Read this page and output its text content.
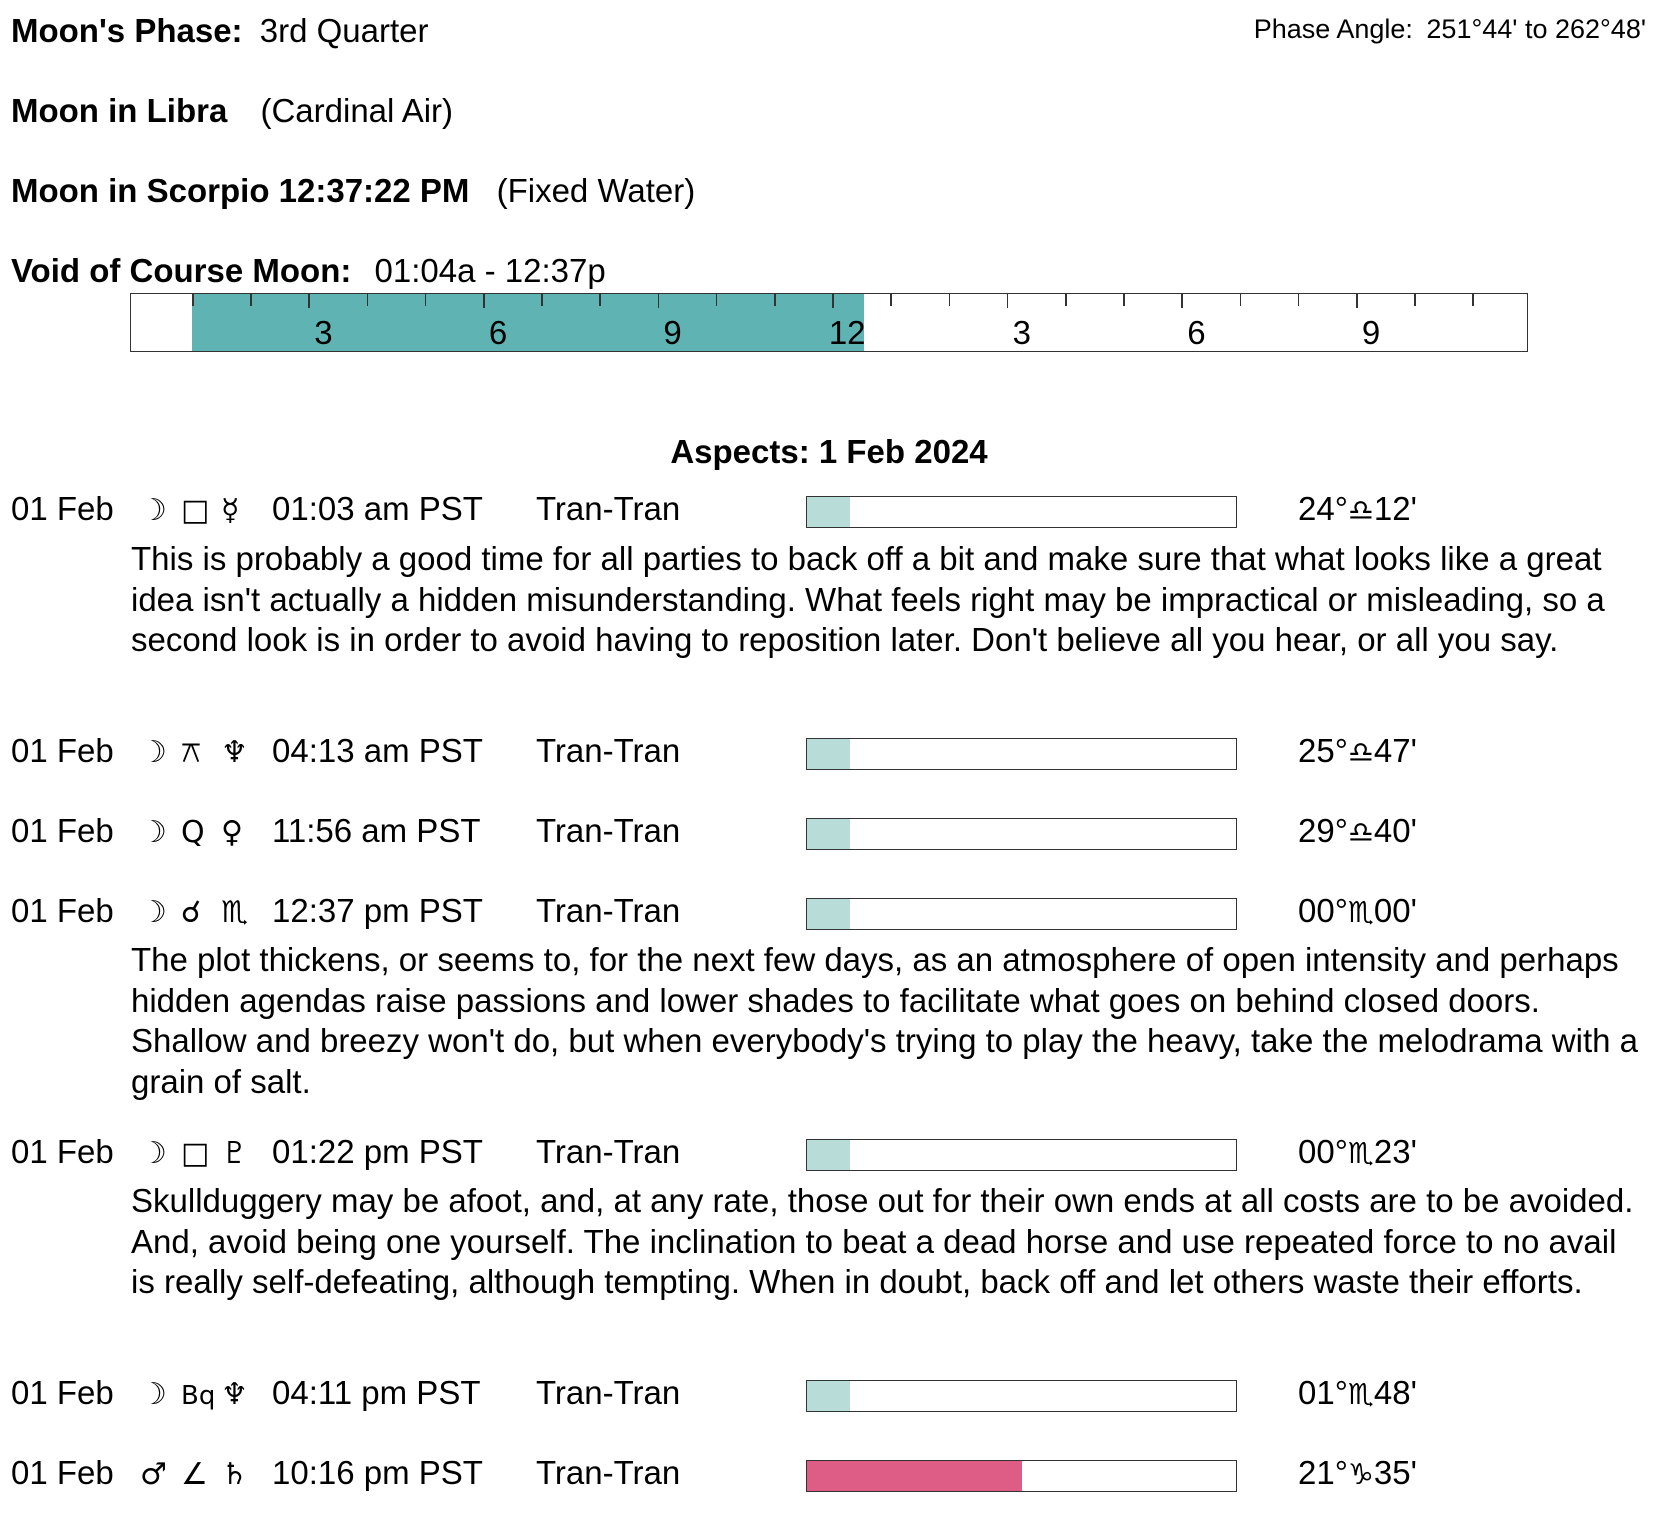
Moon's Phase: 3rd Quarter	Phase Angle: 251°44' to 262°48'
Moon in Libra (Cardinal Air)
Moon in Scorpio 12:37:22 PM (Fixed Water)
Void of Course Moon: 01:04a - 12:37p
3	6	9	12	3	6	9
Aspects: 1 Feb 2024
01 Feb ☽ □ ☿ 01:03 am PST Tran-Tran	24°♎12'
This is probably a good time for all parties to back off a bit and make sure that what looks like a great idea isn't actually a hidden misunderstanding. What feels right may be impractical or misleading, so a second look is in order to avoid having to reposition later. Don't believe all you hear, or all you say.
01 Feb ☽ ⚻ ♆ 04:13 am PST Tran-Tran	25°♎47'
01 Feb ☽ Q ♀ 11:56 am PST Tran-Tran	29°♎40'
01 Feb ☽ ☌ ♏ 12:37 pm PST Tran-Tran	00°♏00'
The plot thickens, or seems to, for the next few days, as an atmosphere of open intensity and perhaps hidden agendas raise passions and lower shades to facilitate what goes on behind closed doors. Shallow and breezy won't do, but when everybody's trying to play the heavy, take the melodrama with a grain of salt.
01 Feb ☽ □ ♇ 01:22 pm PST Tran-Tran	00°♏23'
Skullduggery may be afoot, and, at any rate, those out for their own ends at all costs are to be avoided. And, avoid being one yourself. The inclination to beat a dead horse and use repeated force to no avail is really self-defeating, although tempting. When in doubt, back off and let others waste their efforts.
01 Feb ☽ Bq ♆ 04:11 pm PST Tran-Tran	01°♏48'
01 Feb ♂ ∠ ♄ 10:16 pm PST Tran-Tran	21°♑35'
